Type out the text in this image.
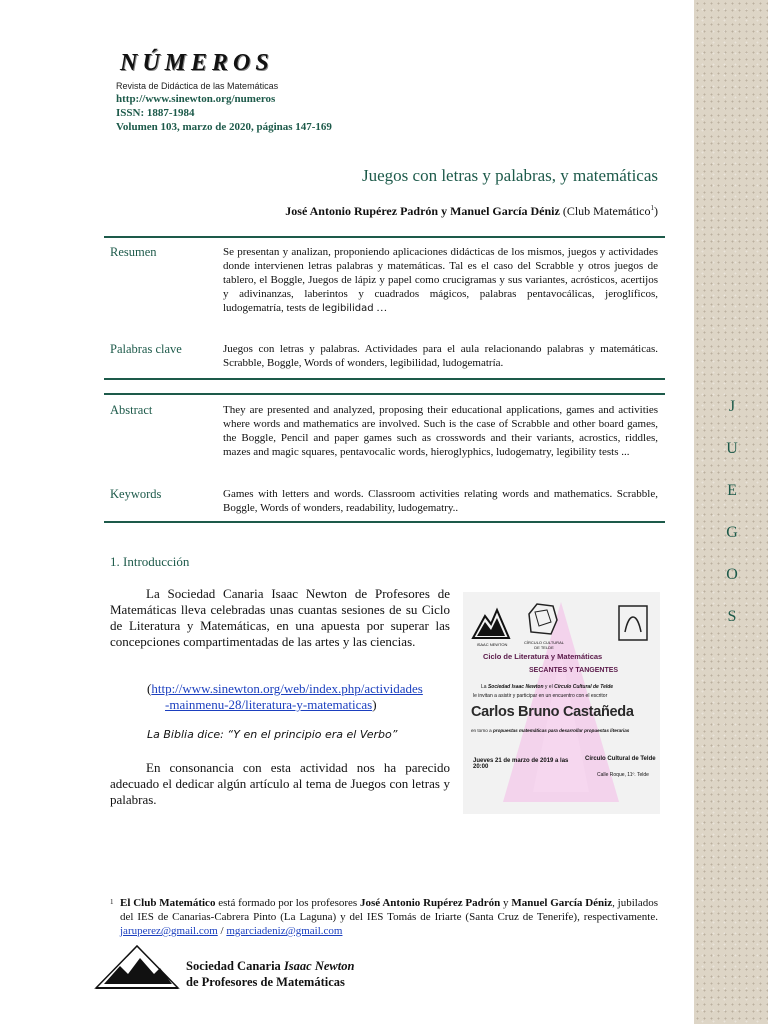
J
U
E
G
O
S
NÚMEROS
Revista de Didáctica de las Matemáticas
http://www.sinewton.org/numeros
ISSN: 1887-1984
Volumen 103, marzo de 2020, páginas 147-169
Juegos con letras y palabras, y matemáticas
José Antonio Rupérez Padrón y Manuel García Déniz (Club Matemático$^1$)
Resumen	Se presentan y analizan, proponiendo aplicaciones didácticas de los mismos, juegos y actividades donde intervienen letras palabras y matemáticas. Tal es el caso del Scrabble y otros juegos de tablero, el Boggle, Juegos de lápiz y papel como crucigramas y sus variantes, acrósticos, acertijos y adivinanzas, laberintos y cuadrados mágicos, palabras pentavocálicas, jeroglíficos, ludogematría, tests de legibilidad …
Palabras clave	Juegos con letras y palabras. Actividades para el aula relacionando palabras y matemáticas. Scrabble, Boggle, Words of wonders, legibilidad, ludogematría.
Abstract	They are presented and analyzed, proposing their educational applications, games and activities where words and mathematics are involved. Such is the case of Scrabble and other board games, the Boggle, Pencil and paper games such as crosswords and their variants, acrostics, riddles, mazes and magic squares, pentavocalic words, hieroglyphics, ludogematry, legibility tests ...
Keywords	Games with letters and words. Classroom activities relating words and mathematics. Scrabble, Boggle, Words of wonders, readability, ludogematry..
1. Introducción
La Sociedad Canaria Isaac Newton de Profesores de Matemáticas lleva celebradas unas cuantas sesiones de su Ciclo de Literatura y Matemáticas, en una apuesta por superar las concepciones compartimentadas de las artes y las ciencias.
(http://www.sinewton.org/web/index.php/actividades
-mainmenu-28/literatura-y-matematicas)
La Biblia dice: “Y en el principio era el Verbo”
En consonancia con esta actividad nos ha parecido adecuado el dedicar algún artículo al tema de Juegos con letras y palabras.
ISAAC NEWTON	CÍRCULO CULTURAL DE TELDE
Ciclo de Literatura y Matemáticas
SECANTES Y TANGENTES
La Sociedad Isaac Newton y el Círculo Cultural de Telde
le invitan a asistir y participar en un encuentro con el escritor
Carlos Bruno Castañeda
en torno a propuestas matemáticas para desarrollar propuestas literarias
Jueves 21 de marzo de 2019 a las 20:00
Círculo Cultural de Telde
Calle Roque, 11º. Telde
1 El Club Matemático está formado por los profesores José Antonio Rupérez Padrón y Manuel García Déniz, jubilados del IES de Canarias-Cabrera Pinto (La Laguna) y del IES Tomás de Iriarte (Santa Cruz de Tenerife), respectivamente. jaruperez@gmail.com / mgarciadeniz@gmail.com
Sociedad Canaria Isaac Newton
de Profesores de Matemáticas
